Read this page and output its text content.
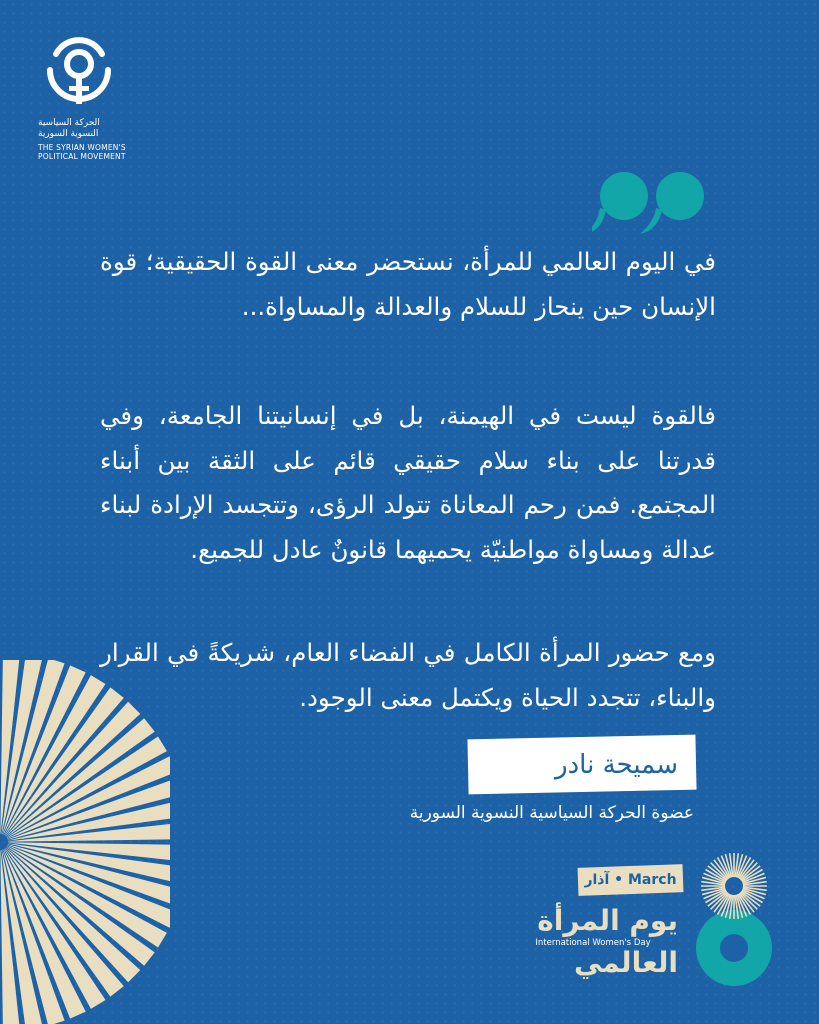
الحركة السياسية النسوية السورية
THE SYRIAN WOMEN'S POLITICAL MOVEMENT
في اليوم العالمي للمرأة، نستحضر معنى القوة الحقيقية؛ قوة الإنسان حين ينحاز للسلام والعدالة والمساواة...
فالقوة ليست في الهيمنة، بل في إنسانيتنا الجامعة، وفي قدرتنا على بناء سلام حقيقي قائم على الثقة بين أبناء المجتمع. فمن رحم المعاناة تتولد الرؤى، وتتجسد الإرادة لبناء عدالة ومساواة مواطنيّة يحميهما قانونٌ عادل للجميع.
ومع حضور المرأة الكامل في الفضاء العام، شريكةً في القرار والبناء، تتجدد الحياة ويكتمل معنى الوجود.
سميحة نادر
عضوة الحركة السياسية النسوية السورية
آذار • March
يوم المرأة
International Women's Day
العالمي
